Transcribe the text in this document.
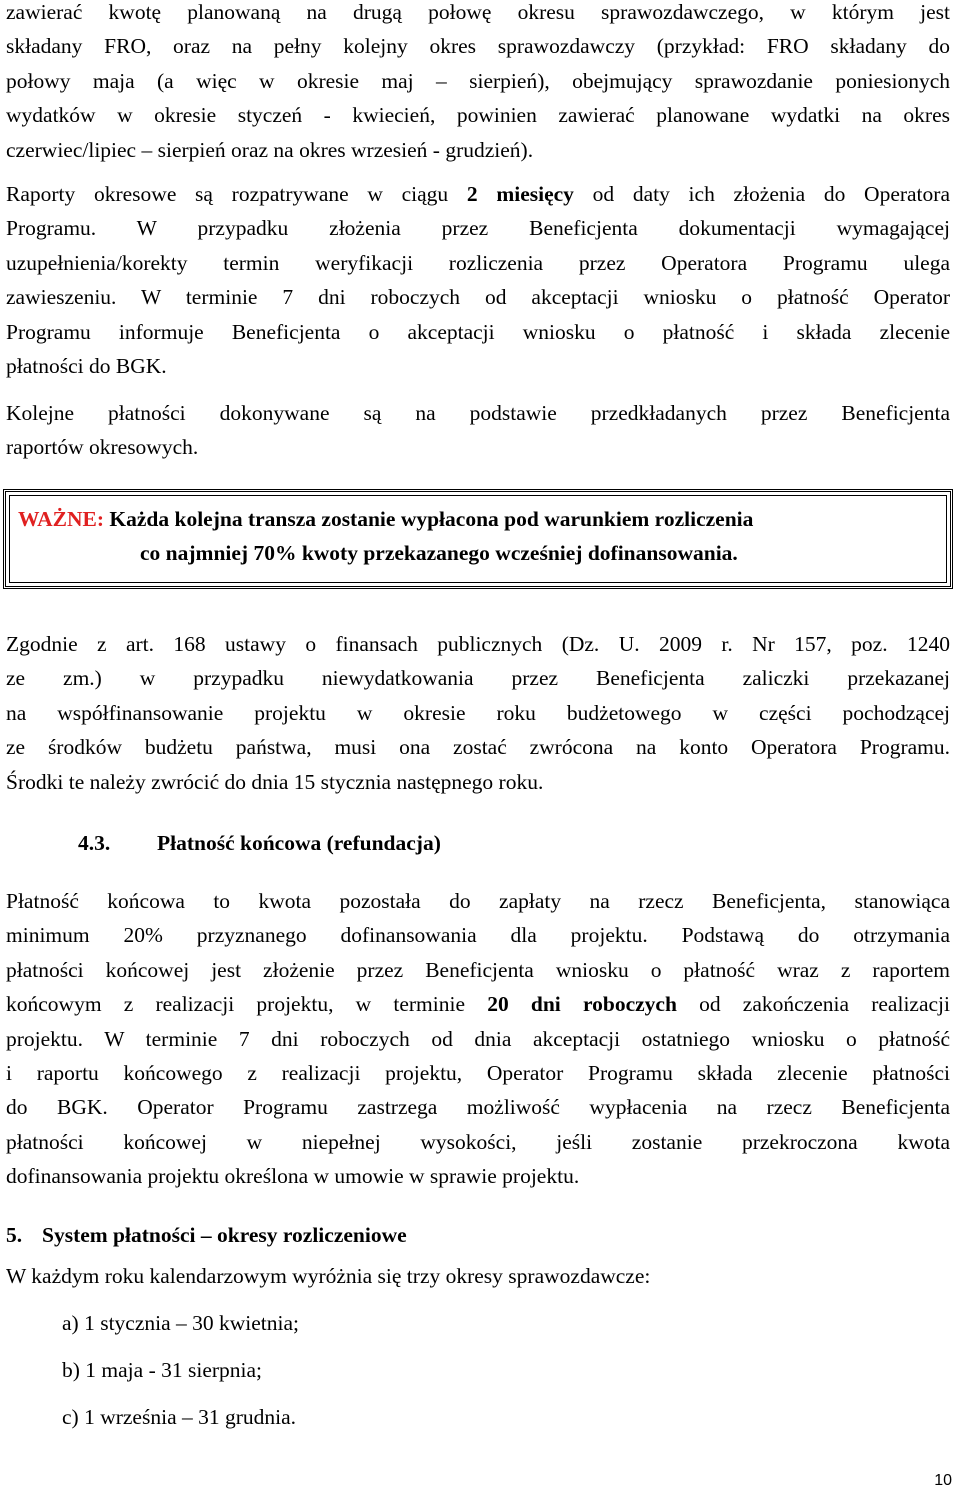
zawierać kwotę planowaną na drugą połowę okresu sprawozdawczego, w którym jest
składany FRO, oraz na pełny kolejny okres sprawozdawczy (przykład: FRO składany do
połowy maja (a więc w okresie maj – sierpień), obejmujący sprawozdanie poniesionych
wydatków w okresie styczeń - kwiecień, powinien zawierać planowane wydatki na okres
czerwiec/lipiec – sierpień oraz na okres wrzesień - grudzień).
Raporty okresowe są rozpatrywane w ciągu 2 miesięcy od daty ich złożenia do Operatora
Programu. W przypadku złożenia przez Beneficjenta dokumentacji wymagającej
uzupełnienia/korekty termin weryfikacji rozliczenia przez Operatora Programu ulega
zawieszeniu. W terminie 7 dni roboczych od akceptacji wniosku o płatność Operator
Programu informuje Beneficjenta o akceptacji wniosku o płatność i składa zlecenie
płatności do BGK.
Kolejne płatności dokonywane są na podstawie przedkładanych przez Beneficjenta
raportów okresowych.
WAŻNE: Każda kolejna transza zostanie wypłacona pod warunkiem rozliczenia
co najmniej 70% kwoty przekazanego wcześniej dofinansowania.
Zgodnie z art. 168 ustawy o finansach publicznych (Dz. U. 2009 r. Nr 157, poz. 1240
ze zm.) w przypadku niewydatkowania przez Beneficjenta zaliczki przekazanej
na współfinansowanie projektu w okresie roku budżetowego w części pochodzącej
ze środków budżetu państwa, musi ona zostać zwrócona na konto Operatora Programu.
Środki te należy zwrócić do dnia 15 stycznia następnego roku.
4.3. Płatność końcowa (refundacja)
Płatność końcowa to kwota pozostała do zapłaty na rzecz Beneficjenta, stanowiąca
minimum 20% przyznanego dofinansowania dla projektu. Podstawą do otrzymania
płatności końcowej jest złożenie przez Beneficjenta wniosku o płatność wraz z raportem
końcowym z realizacji projektu, w terminie 20 dni roboczych od zakończenia realizacji
projektu. W terminie 7 dni roboczych od dnia akceptacji ostatniego wniosku o płatność
i raportu końcowego z realizacji projektu, Operator Programu składa zlecenie płatności
do BGK. Operator Programu zastrzega możliwość wypłacenia na rzecz Beneficjenta
płatności końcowej w niepełnej wysokości, jeśli zostanie przekroczona kwota
dofinansowania projektu określona w umowie w sprawie projektu.
5. System płatności – okresy rozliczeniowe
W każdym roku kalendarzowym wyróżnia się trzy okresy sprawozdawcze:
a) 1 stycznia – 30 kwietnia;
b) 1 maja - 31 sierpnia;
c) 1 września – 31 grudnia.
10
